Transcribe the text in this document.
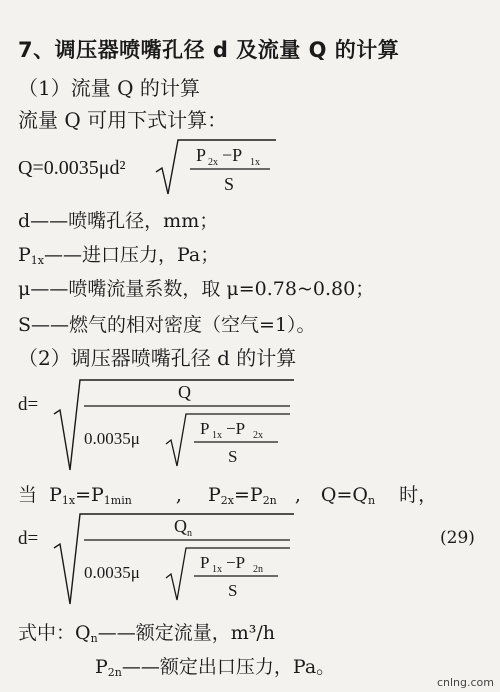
7、调压器喷嘴孔径 d 及流量 Q 的计算
（1）流量 Q 的计算
流量 Q 可用下式计算：
Q=0.0035μd²
P 2x −P 1x
S
d——喷嘴孔径，mm；
$P_{1x}——$进口压力，Pa；
μ——喷嘴流量系数，取 μ=0.78~0.80；
S——燃气的相对密度（空气=1）。
（2）调压器喷嘴孔径 d 的计算
d=
Q
0.0035μ
P 1x −P 2x
S
当 $P_{1x}=P_{1min}$ , $P_{2x}=P_{2n}$ , $Q=Q_n$ 时，
d=
Q n
0.0035μ
P 1x −P 2n
S
(29)
式中：$Q_n——$额定流量，m³/h
$P_{2n}——$额定出口压力，Pa。
cnlng.com
